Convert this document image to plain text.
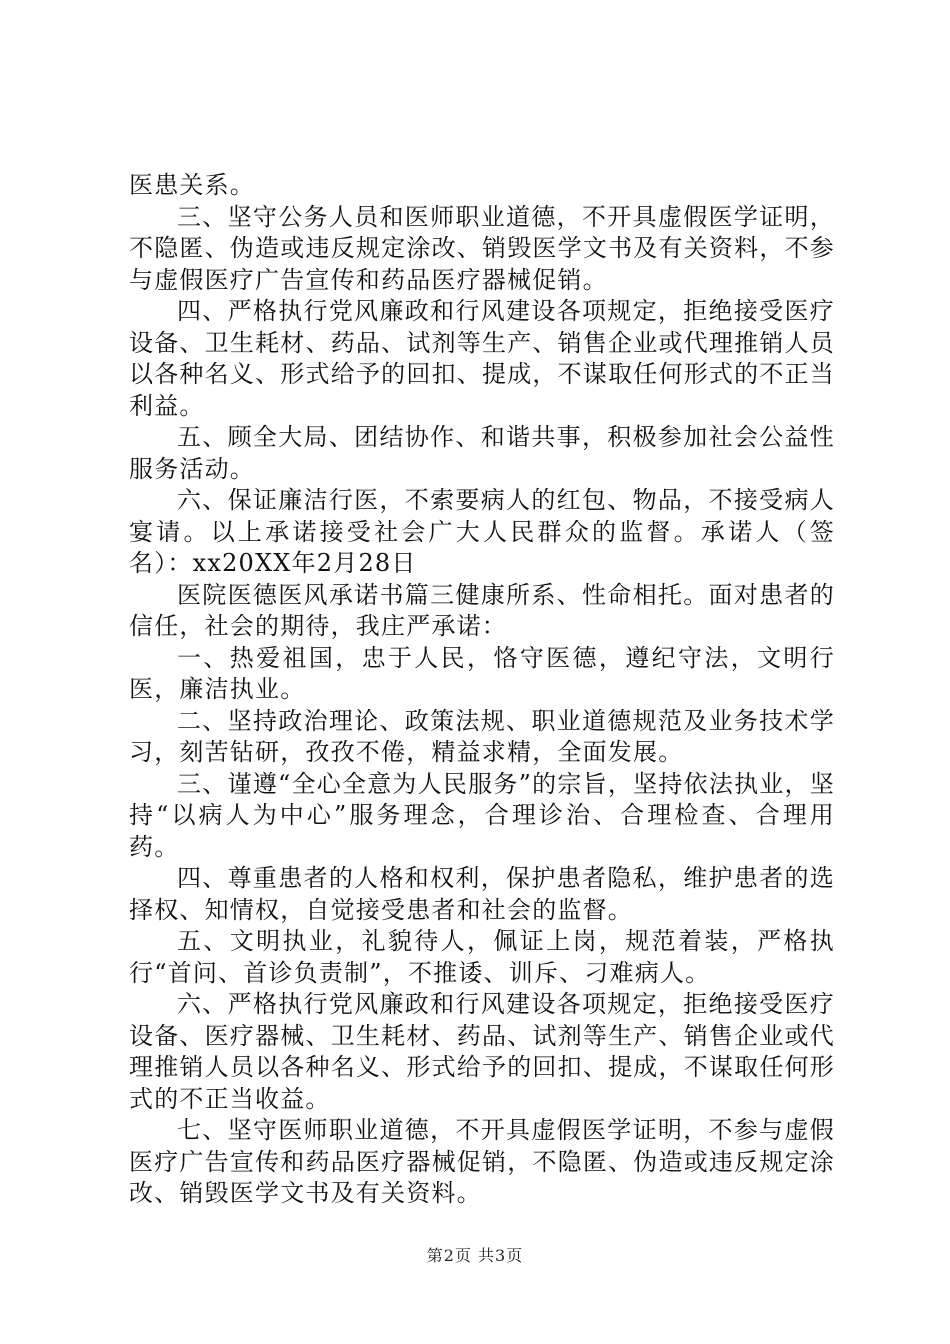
医患关系。

三、坚守公务人员和医师职业道德，不开具虚假医学证明，不隐匿、伪造或违反规定涂改、销毁医学文书及有关资料，不参与虚假医疗广告宣传和药品医疗器械促销。

四、严格执行党风廉政和行风建设各项规定，拒绝接受医疗设备、卫生耗材、药品、试剂等生产、销售企业或代理推销人员以各种名义、形式给予的回扣、提成，不谋取任何形式的不正当利益。

五、顾全大局、团结协作、和谐共事，积极参加社会公益性服务活动。

六、保证廉洁行医，不索要病人的红包、物品，不接受病人宴请。以上承诺接受社会广大人民群众的监督。承诺人（签名）：xx20XX年2月28日

医院医德医风承诺书篇三健康所系、性命相托。面对患者的信任，社会的期待，我庄严承诺：

一、热爱祖国，忠于人民，恪守医德，遵纪守法，文明行医，廉洁执业。

二、坚持政治理论、政策法规、职业道德规范及业务技术学习，刻苦钻研，孜孜不倦，精益求精，全面发展。

三、谨遵“全心全意为人民服务”的宗旨，坚持依法执业，坚持“以病人为中心”服务理念，合理诊治、合理检查、合理用药。

四、尊重患者的人格和权利，保护患者隐私，维护患者的选择权、知情权，自觉接受患者和社会的监督。

五、文明执业，礼貌待人，佩证上岗，规范着装，严格执行“首问、首诊负责制”，不推诿、训斥、刁难病人。

六、严格执行党风廉政和行风建设各项规定，拒绝接受医疗设备、医疗器械、卫生耗材、药品、试剂等生产、销售企业或代理推销人员以各种名义、形式给予的回扣、提成，不谋取任何形式的不正当收益。

七、坚守医师职业道德，不开具虚假医学证明，不参与虚假医疗广告宣传和药品医疗器械促销，不隐匿、伪造或违反规定涂改、销毁医学文书及有关资料。

第2页 共3页
